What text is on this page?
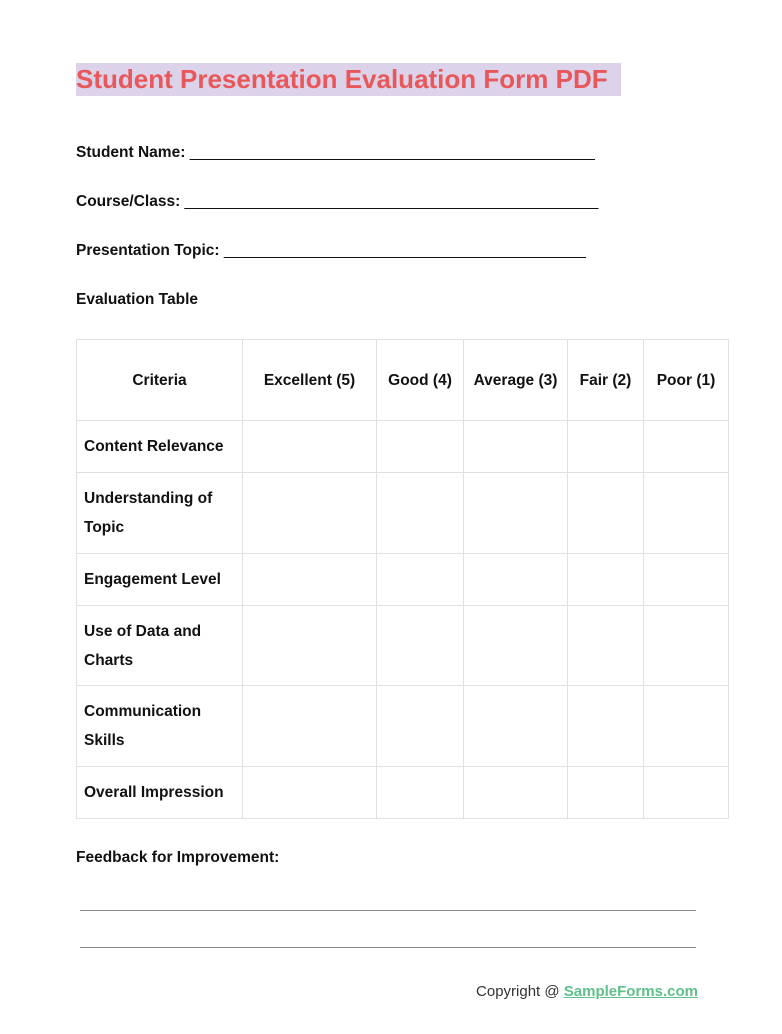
Student Presentation Evaluation Form PDF
Student Name: _______________________________________________
Course/Class: ________________________________________________
Presentation Topic: __________________________________________
Evaluation Table
Criteria	Excellent (5)	Good (4)	Average (3)	Fair (2)	Poor (1)
Content Relevance					
Understanding of Topic					
Engagement Level					
Use of Data and Charts					
Communication Skills					
Overall Impression					
Feedback for Improvement:
Copyright @ SampleForms.com
